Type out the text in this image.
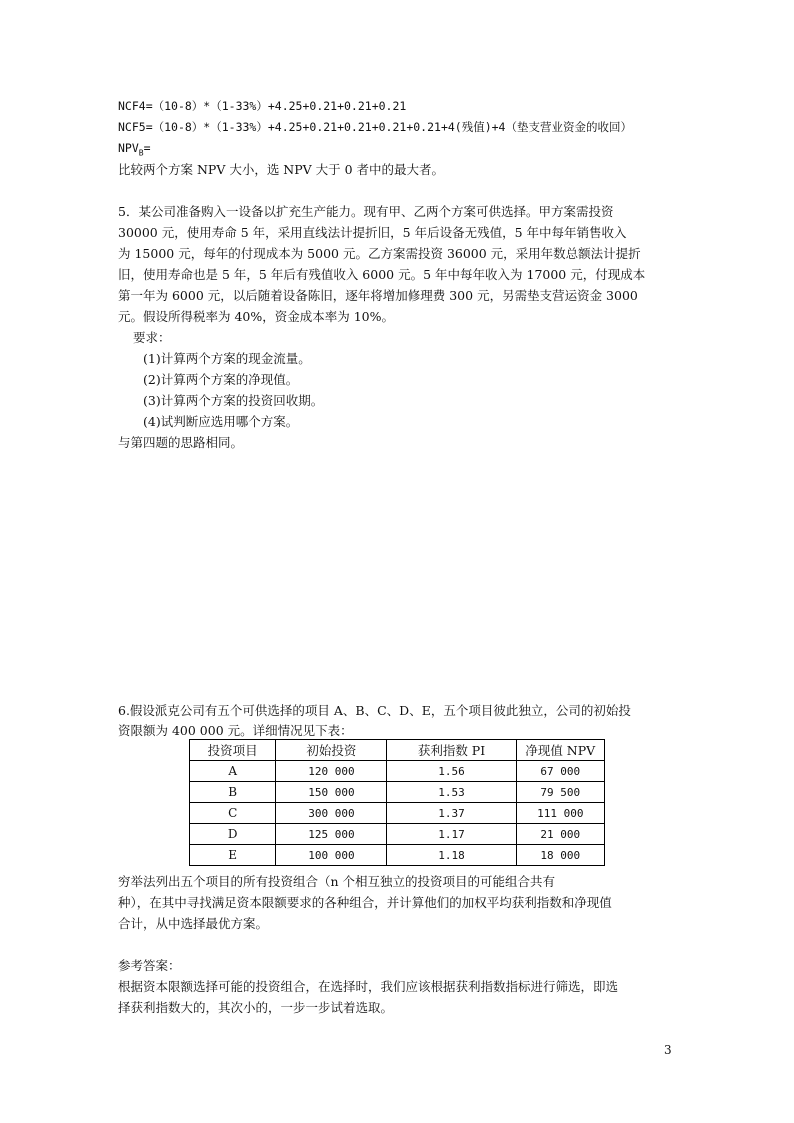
NCF4=（10-8）*（1-33%）+4.25+0.21+0.21+0.21
NCF5=（10-8）*（1-33%）+4.25+0.21+0.21+0.21+0.21+4(残值)+4（垫支营业资金的收回）
$NPV_B=$
比较两个方案 NPV 大小，选 NPV 大于 0 者中的最大者。
5．某公司准备购入一设备以扩充生产能力。现有甲、乙两个方案可供选择。甲方案需投资
30000 元，使用寿命 5 年，采用直线法计提折旧，5 年后设备无残值，5 年中每年销售收入
为 15000 元，每年的付现成本为 5000 元。乙方案需投资 36000 元，采用年数总额法计提折
旧，使用寿命也是 5 年，5 年后有残值收入 6000 元。5 年中每年收入为 17000 元，付现成本
第一年为 6000 元，以后随着设备陈旧，逐年将增加修理费 300 元，另需垫支营运资金 3000
元。假设所得税率为 40%，资金成本率为 10%。
要求：
(1)计算两个方案的现金流量。
(2)计算两个方案的净现值。
(3)计算两个方案的投资回收期。
(4)试判断应选用哪个方案。
与第四题的思路相同。
6.假设派克公司有五个可供选择的项目 A、B、C、D、E，五个项目彼此独立，公司的初始投
资限额为 400 000 元。详细情况见下表：
投资项目	初始投资	获利指数 PI	净现值 NPV
A	120 000	1.56	67 000
B	150 000	1.53	79 500
C	300 000	1.37	111 000
D	125 000	1.17	21 000
E	100 000	1.18	18 000
穷举法列出五个项目的所有投资组合（n 个相互独立的投资项目的可能组合共有
种），在其中寻找满足资本限额要求的各种组合，并计算他们的加权平均获利指数和净现值
合计，从中选择最优方案。
参考答案：
根据资本限额选择可能的投资组合，在选择时，我们应该根据获利指数指标进行筛选，即选
择获利指数大的，其次小的，一步一步试着选取。
3
